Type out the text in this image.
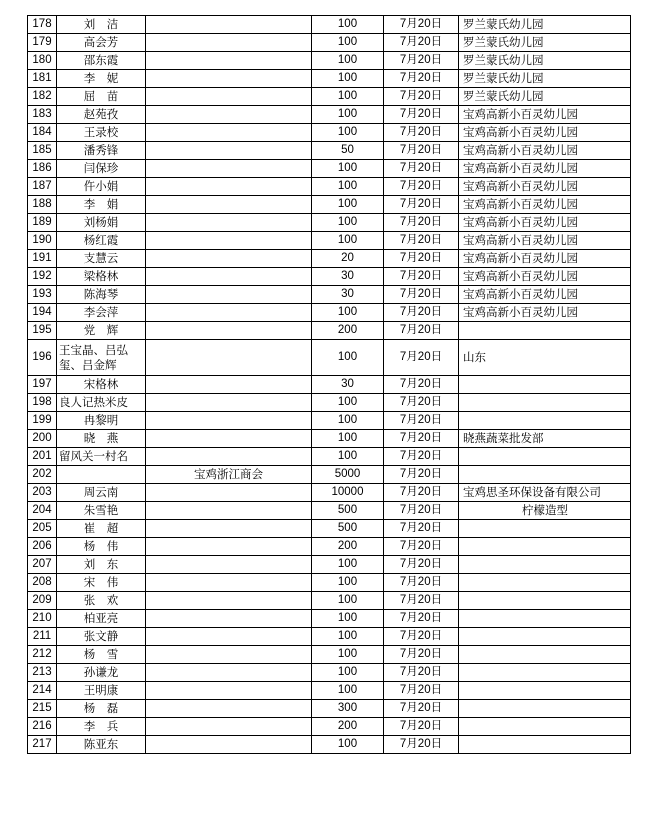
178	刘　洁		100	7月20日	罗兰蒙氏幼儿园
179	高会芳		100	7月20日	罗兰蒙氏幼儿园
180	邵东霞		100	7月20日	罗兰蒙氏幼儿园
181	李　妮		100	7月20日	罗兰蒙氏幼儿园
182	屈　苗		100	7月20日	罗兰蒙氏幼儿园
183	赵苑孜		100	7月20日	宝鸡高新小百灵幼儿园
184	王录校		100	7月20日	宝鸡高新小百灵幼儿园
185	潘秀锋		50	7月20日	宝鸡高新小百灵幼儿园
186	闫保珍		100	7月20日	宝鸡高新小百灵幼儿园
187	仵小娟		100	7月20日	宝鸡高新小百灵幼儿园
188	李　娟		100	7月20日	宝鸡高新小百灵幼儿园
189	刘杨娟		100	7月20日	宝鸡高新小百灵幼儿园
190	杨红霞		100	7月20日	宝鸡高新小百灵幼儿园
191	支慧云		20	7月20日	宝鸡高新小百灵幼儿园
192	梁格林		30	7月20日	宝鸡高新小百灵幼儿园
193	陈海琴		30	7月20日	宝鸡高新小百灵幼儿园
194	李会萍		100	7月20日	宝鸡高新小百灵幼儿园
195	党　辉		200	7月20日	
196	王宝晶、吕弘玺、吕金辉		100	7月20日	山东
197	宋格林		30	7月20日	
198	良人记热米皮		100	7月20日	
199	冉黎明		100	7月20日	
200	晓　燕		100	7月20日	晓燕蔬菜批发部
201	留风关一村名		100	7月20日	
202		宝鸡浙江商会	5000	7月20日	
203	周云南		10000	7月20日	宝鸡思圣环保设备有限公司
204	朱雪艳		500	7月20日	柠檬造型
205	崔　超		500	7月20日	
206	杨　伟		200	7月20日	
207	刘　东		100	7月20日	
208	宋　伟		100	7月20日	
209	张　欢		100	7月20日	
210	柏亚亮		100	7月20日	
211	张文静		100	7月20日	
212	杨　雪		100	7月20日	
213	孙谦龙		100	7月20日	
214	王明康		100	7月20日	
215	杨　磊		300	7月20日	
216	李　兵		200	7月20日	
217	陈亚东		100	7月20日	
